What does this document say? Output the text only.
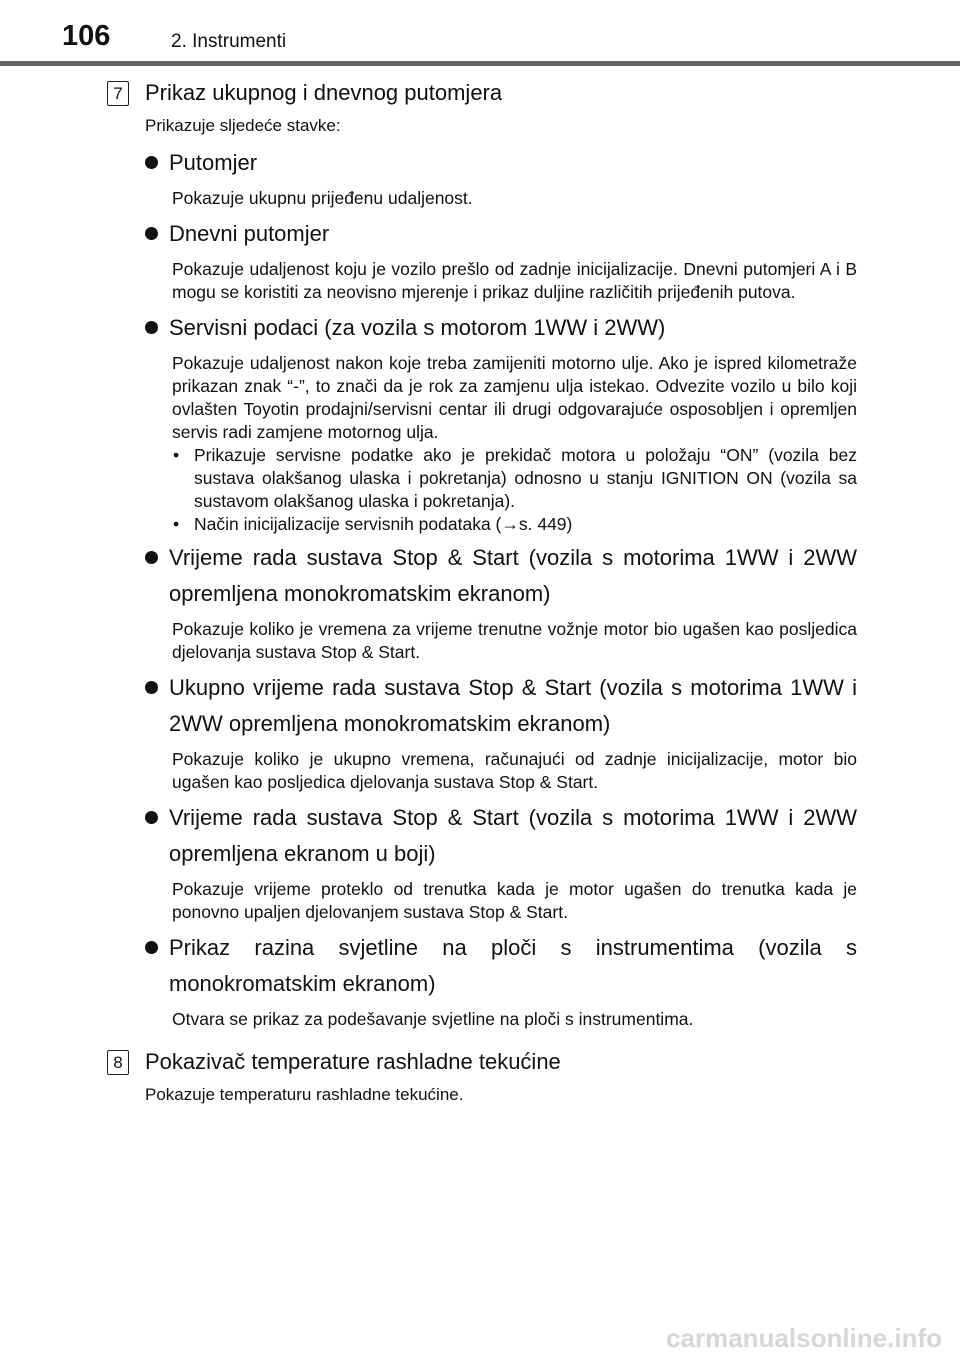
106	2. Instrumenti
7 Prikaz ukupnog i dnevnog putomjera
Prikazuje sljedeće stavke:
Putomjer
Pokazuje ukupnu prijeđenu udaljenost.
Dnevni putomjer
Pokazuje udaljenost koju je vozilo prešlo od zadnje inicijalizacije. Dnevni putomjeri A i B mogu se koristiti za neovisno mjerenje i prikaz duljine različitih prijeđenih putova.
Servisni podaci (za vozila s motorom 1WW i 2WW)
Pokazuje udaljenost nakon koje treba zamijeniti motorno ulje. Ako je ispred kilometraže prikazan znak “-”, to znači da je rok za zamjenu ulja istekao. Odvezite vozilo u bilo koji ovlašten Toyotin prodajni/servisni centar ili drugi odgovarajuće osposobljen i opremljen servis radi zamjene motornog ulja.
• Prikazuje servisne podatke ako je prekidač motora u položaju “ON” (vozila bez sustava olakšanog ulaska i pokretanja) odnosno u stanju IGNITION ON (vozila sa sustavom olakšanog ulaska i pokretanja).
• Način inicijalizacije servisnih podataka (→s. 449)
Vrijeme rada sustava Stop & Start (vozila s motorima 1WW i 2WW opremljena monokromatskim ekranom)
Pokazuje koliko je vremena za vrijeme trenutne vožnje motor bio ugašen kao posljedica djelovanja sustava Stop & Start.
Ukupno vrijeme rada sustava Stop & Start (vozila s motorima 1WW i 2WW opremljena monokromatskim ekranom)
Pokazuje koliko je ukupno vremena, računajući od zadnje inicijalizacije, motor bio ugašen kao posljedica djelovanja sustava Stop & Start.
Vrijeme rada sustava Stop & Start (vozila s motorima 1WW i 2WW opremljena ekranom u boji)
Pokazuje vrijeme proteklo od trenutka kada je motor ugašen do trenutka kada je ponovno upaljen djelovanjem sustava Stop & Start.
Prikaz razina svjetline na ploči s instrumentima (vozila s monokromatskim ekranom)
Otvara se prikaz za podešavanje svjetline na ploči s instrumentima.
8 Pokazivač temperature rashladne tekućine
Pokazuje temperaturu rashladne tekućine.
carmanualsonline.info
